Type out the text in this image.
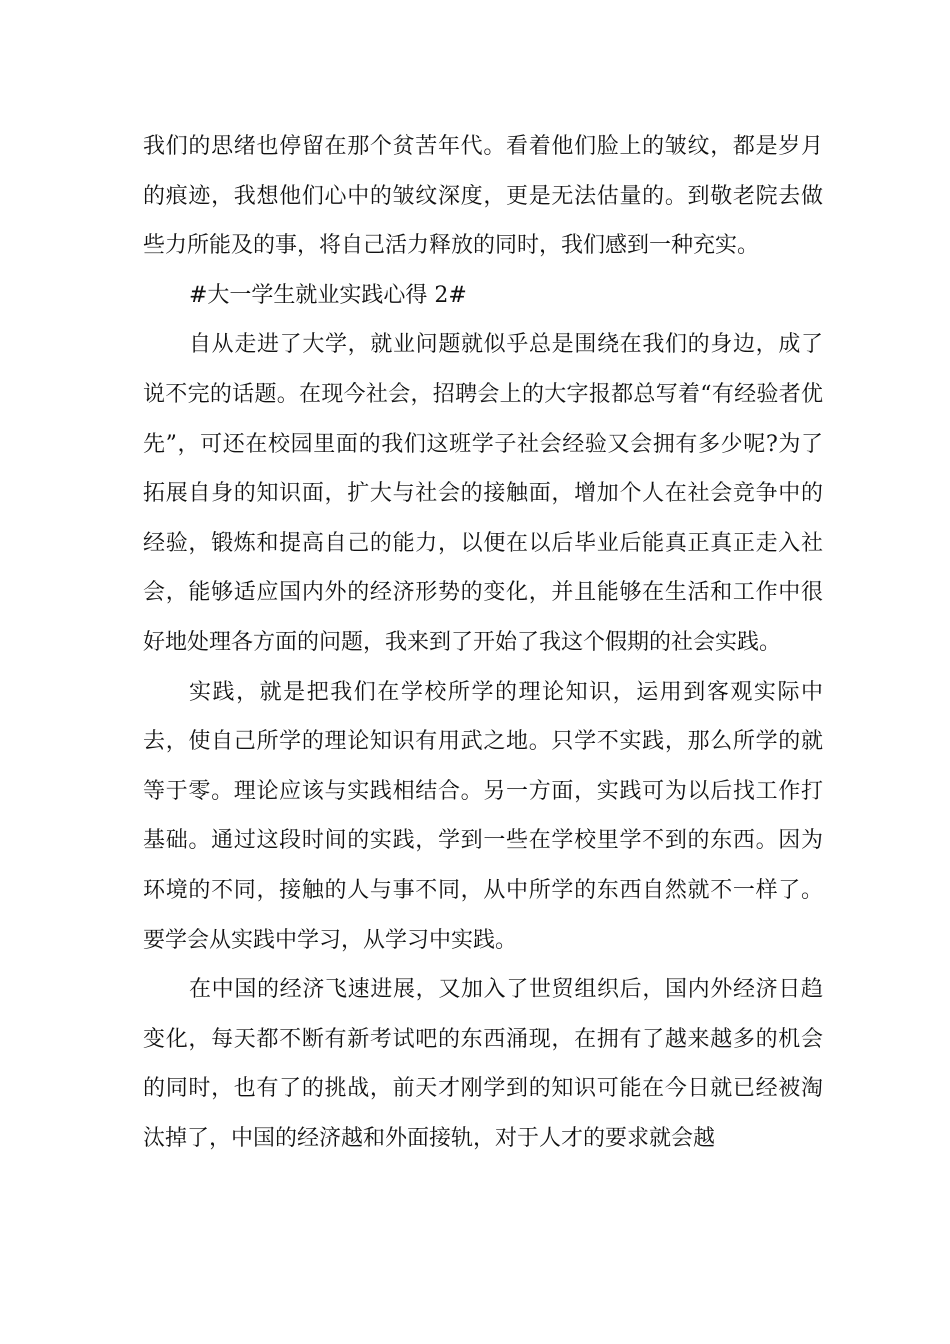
我们的思绪也停留在那个贫苦年代。看着他们脸上的皱纹，都是岁月的痕迹，我想他们心中的皱纹深度，更是无法估量的。到敬老院去做些力所能及的事，将自己活力释放的同时，我们感到一种充实。

#大一学生就业实践心得 2#

自从走进了大学，就业问题就似乎总是围绕在我们的身边，成了说不完的话题。在现今社会，招聘会上的大字报都总写着“有经验者优先”，可还在校园里面的我们这班学子社会经验又会拥有多少呢?为了拓展自身的知识面，扩大与社会的接触面，增加个人在社会竞争中的经验，锻炼和提高自己的能力，以便在以后毕业后能真正真正走入社会，能够适应国内外的经济形势的变化，并且能够在生活和工作中很好地处理各方面的问题，我来到了开始了我这个假期的社会实践。

实践，就是把我们在学校所学的理论知识，运用到客观实际中去，使自己所学的理论知识有用武之地。只学不实践，那么所学的就等于零。理论应该与实践相结合。另一方面，实践可为以后找工作打基础。通过这段时间的实践，学到一些在学校里学不到的东西。因为环境的不同，接触的人与事不同，从中所学的东西自然就不一样了。要学会从实践中学习，从学习中实践。

在中国的经济飞速进展，又加入了世贸组织后，国内外经济日趋变化，每天都不断有新考试吧的东西涌现，在拥有了越来越多的机会的同时，也有了的挑战，前天才刚学到的知识可能在今日就已经被淘汰掉了，中国的经济越和外面接轨，对于人才的要求就会越
